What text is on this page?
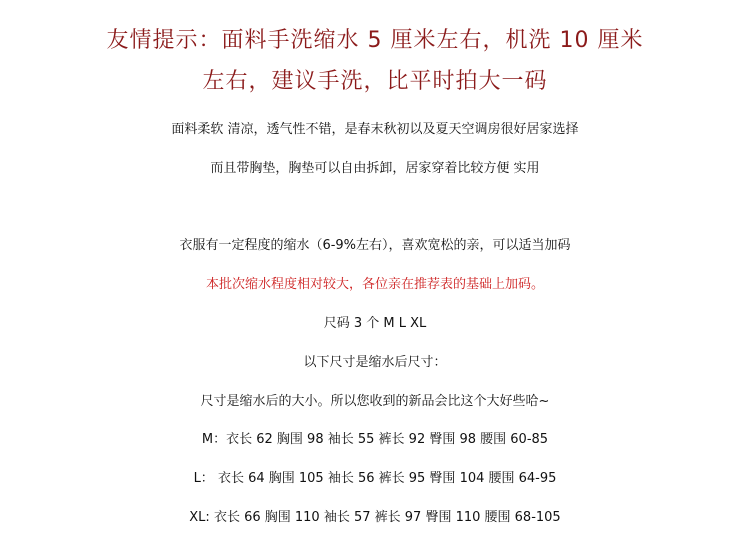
友情提示：面料手洗缩水 5 厘米左右，机洗 10 厘米
左右，建议手洗，比平时拍大一码
面料柔软 清凉，透气性不错，是春末秋初以及夏天空调房很好居家选择
而且带胸垫，胸垫可以自由拆卸，居家穿着比较方便 实用
衣服有一定程度的缩水（6-9%左右），喜欢宽松的亲，可以适当加码
本批次缩水程度相对较大，各位亲在推荐表的基础上加码。
尺码 3 个 M L XL
以下尺寸是缩水后尺寸：
尺寸是缩水后的大小。所以您收到的新品会比这个大好些哈~
M：衣长 62 胸围 98 袖长 55 裤长 92 臀围 98 腰围 60-85
L： 衣长 64 胸围 105 袖长 56 裤长 95 臀围 104 腰围 64-95
XL: 衣长 66 胸围 110 袖长 57 裤长 97 臀围 110 腰围 68-105
